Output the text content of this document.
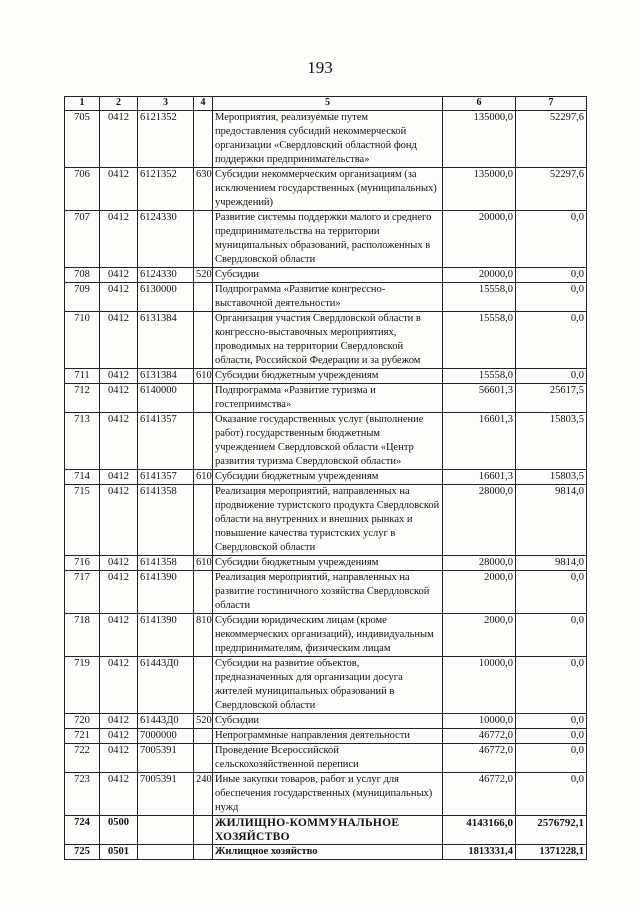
193
1	2	3	4	5	6	7
705	0412	6121352		Мероприятия, реализуемые путем предоставления субсидий некоммерческой организации «Свердловский областной фонд поддержки предпринимательства»	135000,0	52297,6
706	0412	6121352	630	Субсидии некоммерческим организациям (за исключением государственных (муниципальных) учреждений)	135000,0	52297,6
707	0412	6124330		Развитие системы поддержки малого и среднего предпринимательства на территории муниципальных образований, расположенных в Свердловской области	20000,0	0,0
708	0412	6124330	520	Субсидии	20000,0	0,0
709	0412	6130000		Подпрограмма «Развитие конгрессно-выставочной деятельности»	15558,0	0,0
710	0412	6131384		Организация участия Свердловской области в конгрессно-выставочных мероприятиях, проводимых на территории Свердловской области, Российской Федерации и за рубежом	15558,0	0,0
711	0412	6131384	610	Субсидии бюджетным учреждениям	15558,0	0,0
712	0412	6140000		Подпрограмма «Развитие туризма и гостеприимства»	56601,3	25617,5
713	0412	6141357		Оказание государственных услуг (выполнение работ) государственным бюджетным учреждением Свердловской области «Центр развития туризма Свердловской области»	16601,3	15803,5
714	0412	6141357	610	Субсидии бюджетным учреждениям	16601,3	15803,5
715	0412	6141358		Реализация мероприятий, направленных на продвижение туристского продукта Свердловской области на внутренних и внешних рынках и повышение качества туристских услуг в Свердловской области	28000,0	9814,0
716	0412	6141358	610	Субсидии бюджетным учреждениям	28000,0	9814,0
717	0412	6141390		Реализация мероприятий, направленных на развитие гостиничного хозяйства Свердловской области	2000,0	0,0
718	0412	6141390	810	Субсидии юридическим лицам (кроме некоммерческих организаций), индивидуальным предпринимателям, физическим лицам	2000,0	0,0
719	0412	61443Д0		Субсидии на развитие объектов, предназначенных для организации досуга жителей муниципальных образований в Свердловской области	10000,0	0,0
720	0412	61443Д0	520	Субсидии	10000,0	0,0
721	0412	7000000		Непрограммные направления деятельности	46772,0	0,0
722	0412	7005391		Проведение Всероссийской сельскохозяйственной переписи	46772,0	0,0
723	0412	7005391	240	Иные закупки товаров, работ и услуг для обеспечения государственных (муниципальных) нужд	46772,0	0,0
724	0500			ЖИЛИЩНО-КОММУНАЛЬНОЕ ХОЗЯЙСТВО	4143166,0	2576792,1
725	0501			Жилищное хозяйство	1813331,4	1371228,1
